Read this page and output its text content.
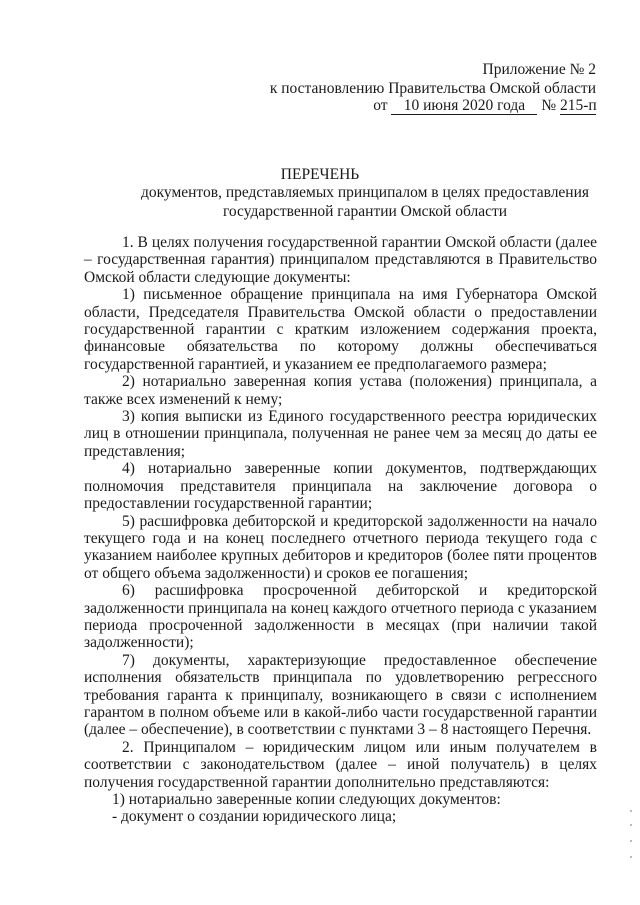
Приложение № 2
к постановлению Правительства Омской области
от 10 июня 2020 года № 215-п
ПЕРЕЧЕНЬ
документов, представляемых принципалом в целях предоставления государственной гарантии Омской области

1. В целях получения государственной гарантии Омской области (далее – государственная гарантия) принципалом представляются в Правительство Омской области следующие документы:

1) письменное обращение принципала на имя Губернатора Омской области, Председателя Правительства Омской области о предоставлении государственной гарантии с кратким изложением содержания проекта, финансовые обязательства по которому должны обеспечиваться государственной гарантией, и указанием ее предполагаемого размера;

2) нотариально заверенная копия устава (положения) принципала, а также всех изменений к нему;

3) копия выписки из Единого государственного реестра юридических лиц в отношении принципала, полученная не ранее чем за месяц до даты ее представления;

4) нотариально заверенные копии документов, подтверждающих полномочия представителя принципала на заключение договора о предоставлении государственной гарантии;

5) расшифровка дебиторской и кредиторской задолженности на начало текущего года и на конец последнего отчетного периода текущего года с указанием наиболее крупных дебиторов и кредиторов (более пяти процентов от общего объема задолженности) и сроков ее погашения;

6) расшифровка просроченной дебиторской и кредиторской задолженности принципала на конец каждого отчетного периода с указанием периода просроченной задолженности в месяцах (при наличии такой задолженности);

7) документы, характеризующие предоставленное обеспечение исполнения обязательств принципала по удовлетворению регрессного требования гаранта к принципалу, возникающего в связи с исполнением гарантом в полном объеме или в какой-либо части государственной гарантии (далее – обеспечение), в соответствии с пунктами 3 – 8 настоящего Перечня.

2. Принципалом – юридическим лицом или иным получателем в соответствии с законодательством (далее – иной получатель) в целях получения государственной гарантии дополнительно представляются:

1) нотариально заверенные копии следующих документов:

- документ о создании юридического лица;
